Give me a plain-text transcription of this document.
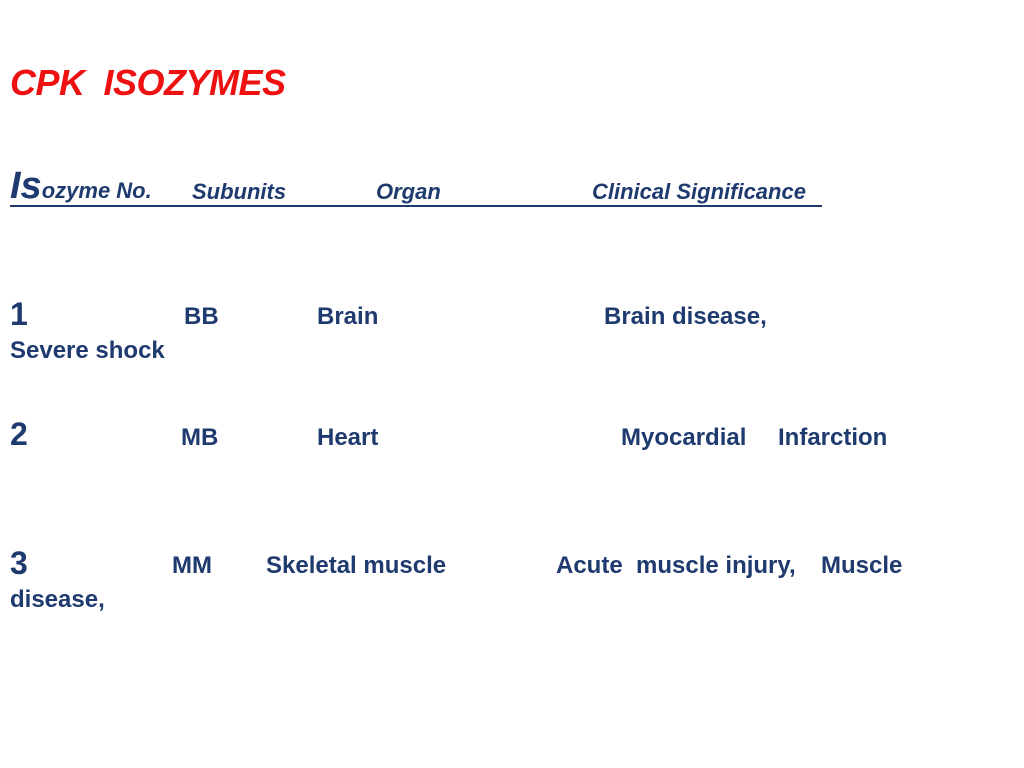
CPK  ISOZYMES
Isozyme No. Subunits	Organ	Clinical Significance
1	BB	Brain	Brain disease,
Severe shock
2	MB	Heart	Myocardial Infarction
3	MM Skeletal muscle	Acute  muscle injury, Muscle
disease,
